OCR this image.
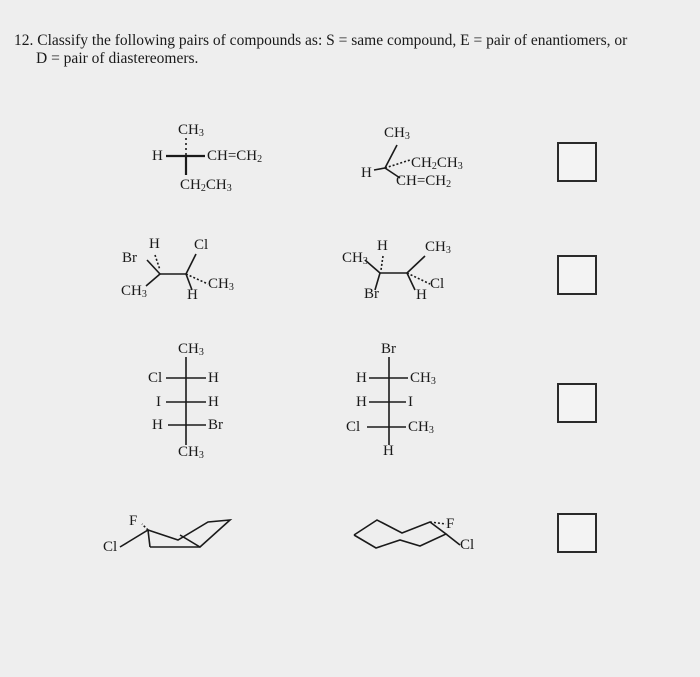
12. Classify the following pairs of compounds as: S = same compound, E = pair of enantiomers, or
D = pair of diastereomers.
$CH_3$
H	$CH=CH_2$
$CH_2CH_3$
$CH_3$
H
$CH_2CH_3$
$CH=CH_2$
H
Br
$CH_3$
Cl
$CH_3$
H
H
$CH_3$
Br
$CH_3$
Cl
H
$CH_3$
Cl	H
I	H
H	Br
$CH_3$
Br
H	$CH_3$
H	I
Cl	$CH_3$
H
F
Cl
F
Cl
